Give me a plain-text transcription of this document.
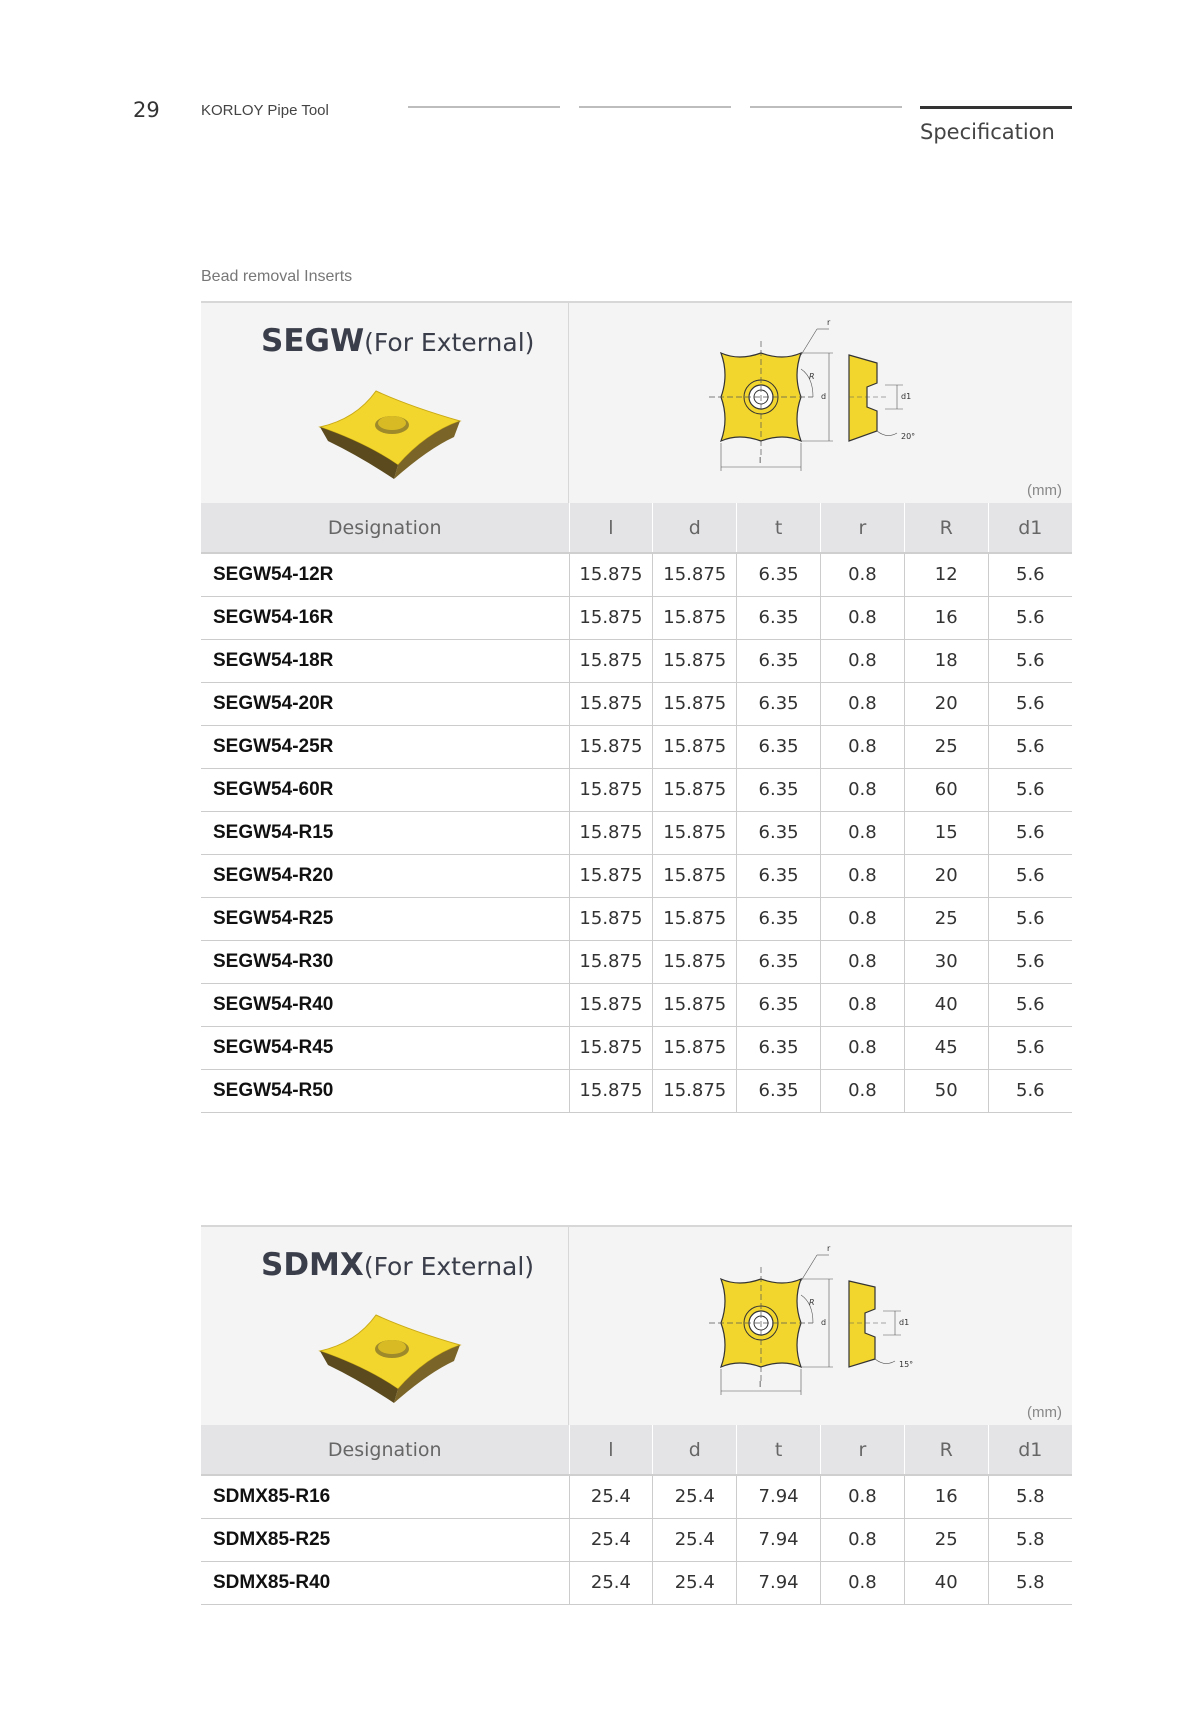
29	KORLOY Pipe Tool
Specification
Bead removal Inserts
SEGW(For External)
d
l
r
R
d1
20°
(mm)
Designation	l	d	t	r	R	d1
SEGW54-12R	15.875	15.875	6.35	0.8	12	5.6
SEGW54-16R	15.875	15.875	6.35	0.8	16	5.6
SEGW54-18R	15.875	15.875	6.35	0.8	18	5.6
SEGW54-20R	15.875	15.875	6.35	0.8	20	5.6
SEGW54-25R	15.875	15.875	6.35	0.8	25	5.6
SEGW54-60R	15.875	15.875	6.35	0.8	60	5.6
SEGW54-R15	15.875	15.875	6.35	0.8	15	5.6
SEGW54-R20	15.875	15.875	6.35	0.8	20	5.6
SEGW54-R25	15.875	15.875	6.35	0.8	25	5.6
SEGW54-R30	15.875	15.875	6.35	0.8	30	5.6
SEGW54-R40	15.875	15.875	6.35	0.8	40	5.6
SEGW54-R45	15.875	15.875	6.35	0.8	45	5.6
SEGW54-R50	15.875	15.875	6.35	0.8	50	5.6
SDMX(For External)
d
l
r
R
d1
15°
(mm)
Designation	l	d	t	r	R	d1
SDMX85-R16	25.4	25.4	7.94	0.8	16	5.8
SDMX85-R25	25.4	25.4	7.94	0.8	25	5.8
SDMX85-R40	25.4	25.4	7.94	0.8	40	5.8
